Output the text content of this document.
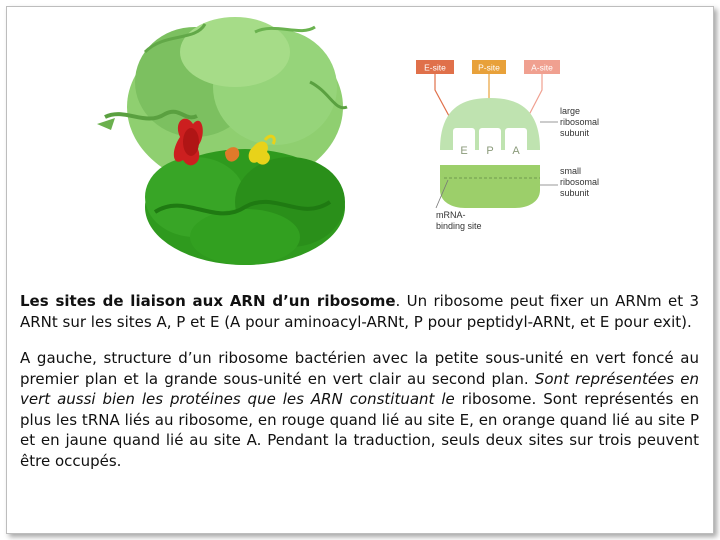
E-site	P-site	A-site
E P A
large
ribosomal
subunit
small
ribosomal
subunit
mRNA-
binding site

Les sites de liaison aux ARN d’un ribosome. Un ribosome peut fixer un ARNm et 3 ARNt sur les sites A, P et E (A pour aminoacyl-ARNt, P pour peptidyl-ARNt, et E pour exit).

A gauche, structure d’un ribosome bactérien avec la petite sous-unité en vert foncé au premier plan et la grande sous-unité en vert clair au second plan. Sont représentées en vert aussi bien les protéines que les ARN constituant le ribosome. Sont représentés en plus les tRNA liés au ribosome, en rouge quand lié au site E, en orange quand lié au site P et en jaune quand lié au site A. Pendant la traduction, seuls deux sites sur trois peuvent être occupés.
